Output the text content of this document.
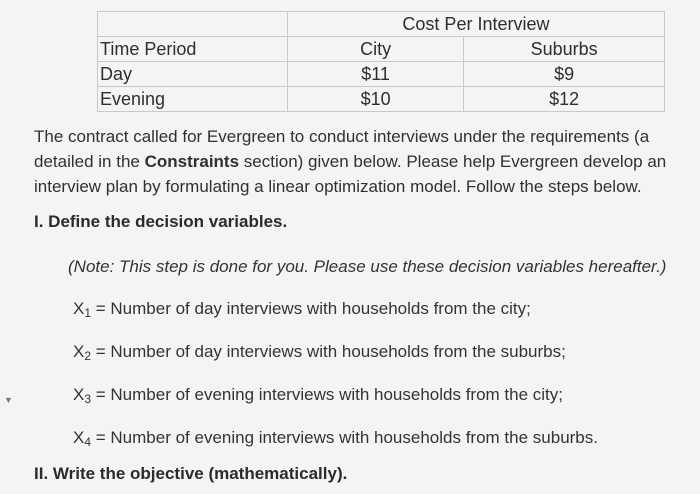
	Cost Per Interview	
Time Period	City	Suburbs
Day	$11	$9
Evening	$10	$12
The contract called for Evergreen to conduct interviews under the requirements (a
detailed in the Constraints section) given below. Please help Evergreen develop an
interview plan by formulating a linear optimization model. Follow the steps below.
I. Define the decision variables.
(Note: This step is done for you. Please use these decision variables hereafter.)
▼
$X_1$ = Number of day interviews with households from the city;
$X_2$ = Number of day interviews with households from the suburbs;
$X_3$ = Number of evening interviews with households from the city;
$X_4$ = Number of evening interviews with households from the suburbs.
II. Write the objective (mathematically).
